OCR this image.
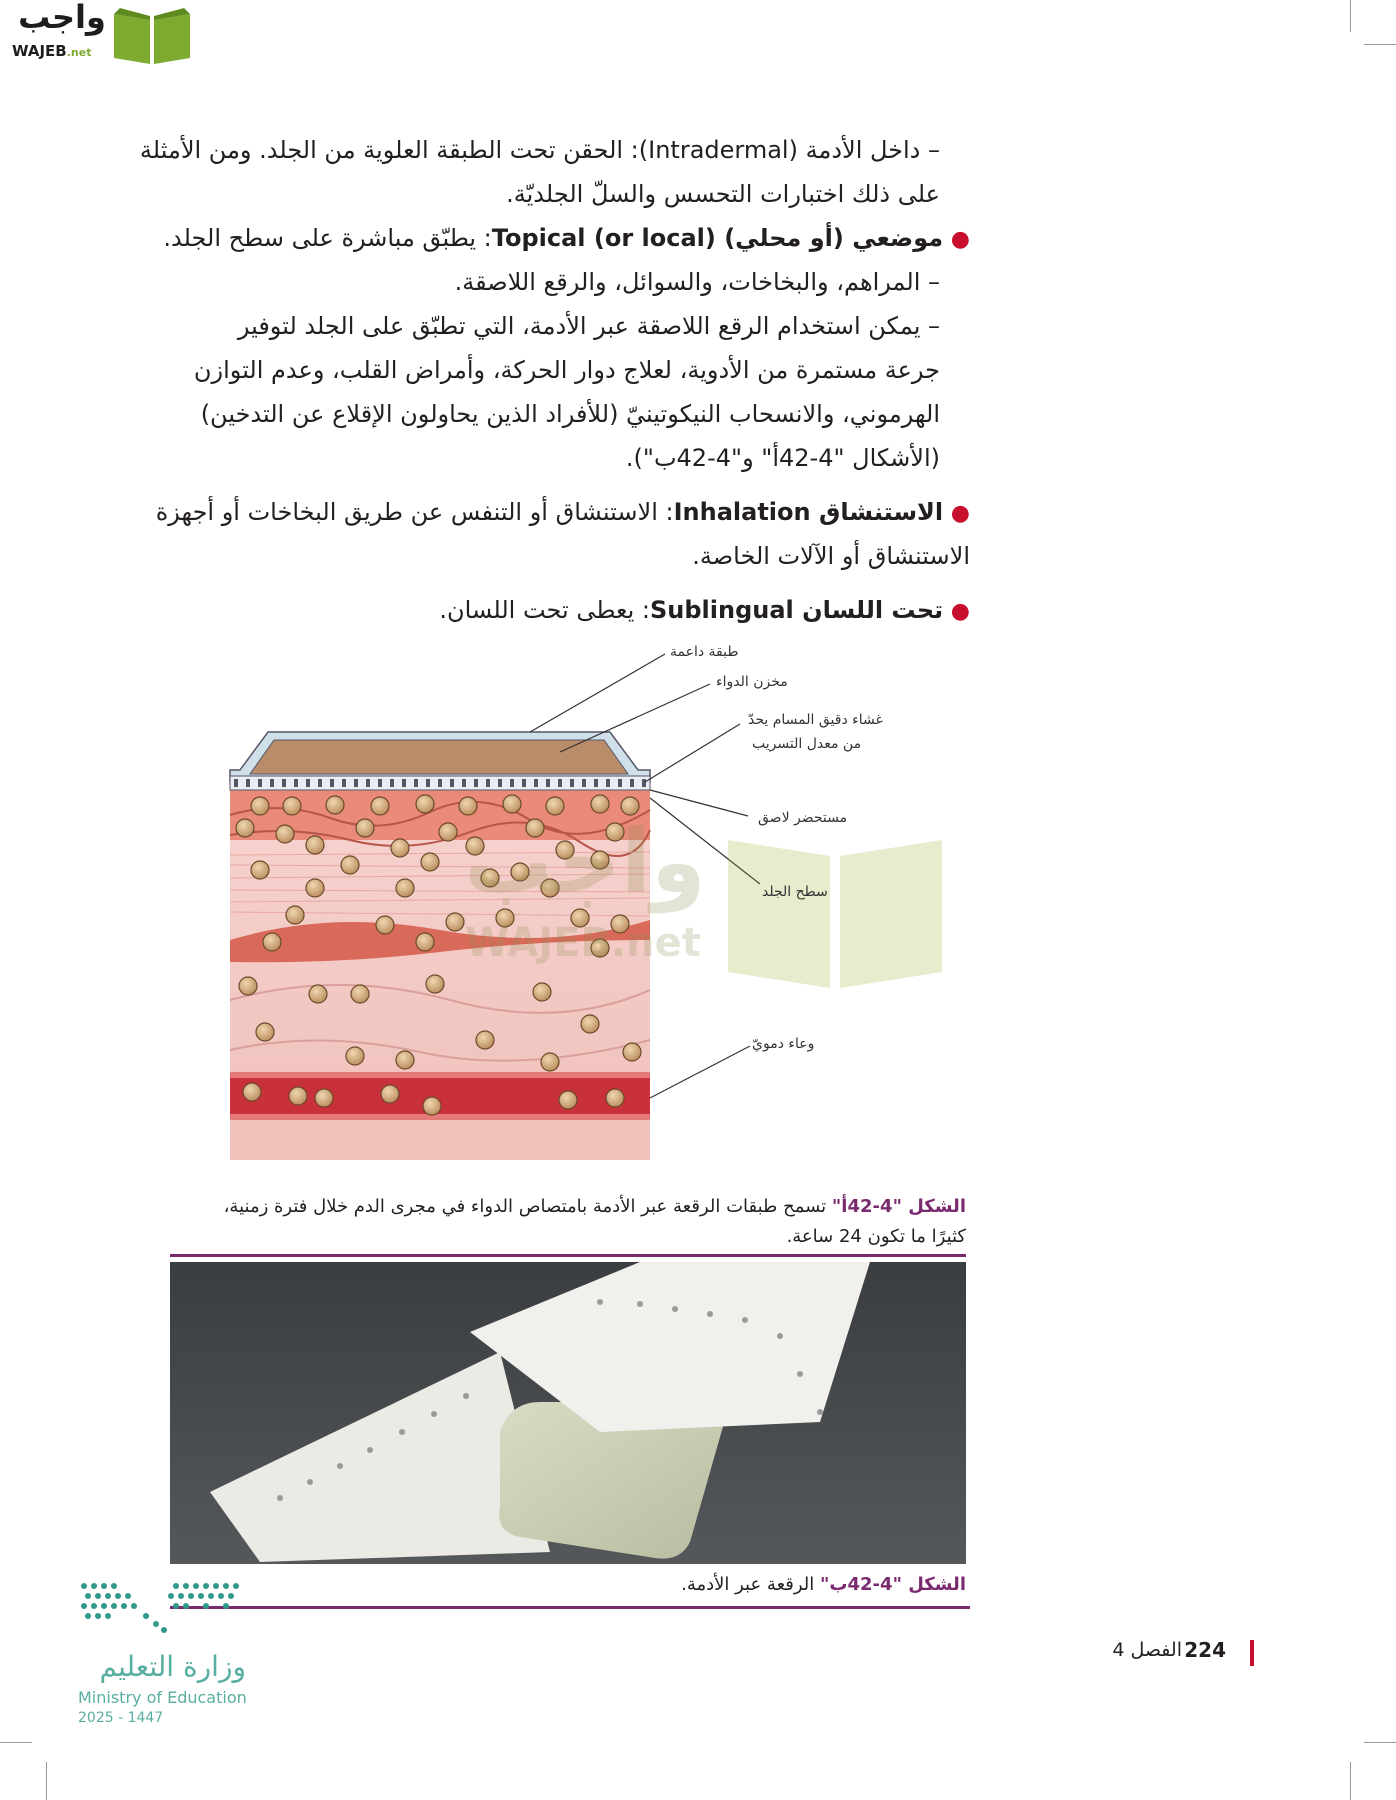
واجب
WAJEB.net
– داخل الأدمة (Intradermal): الحقن تحت الطبقة العلوية من الجلد. ومن الأمثلة
على ذلك اختبارات التحسس والسلّ الجلديّة.
● موضعي (أو محلي) (Topical (or local: يطبّق مباشرة على سطح الجلد.
– المراهم، والبخاخات، والسوائل، والرقع اللاصقة.
– يمكن استخدام الرقع اللاصقة عبر الأدمة، التي تطبّق على الجلد لتوفير
جرعة مستمرة من الأدوية، لعلاج دوار الحركة، وأمراض القلب، وعدم التوازن
الهرموني، والانسحاب النيكوتينيّ (للأفراد الذين يحاولون الإقلاع عن التدخين)
(الأشكال "4-42أ" و"4-42ب").
● الاستنشاق Inhalation: الاستنشاق أو التنفس عن طريق البخاخات أو أجهزة
الاستنشاق أو الآلات الخاصة.
● تحت اللسان Sublingual: يعطى تحت اللسان.
واجب
WAJEB.net
طبقة داعمة
مخزن الدواء
غشاء دقيق المسام يحدّ
من معدل التسريب
مستحضر لاصق
سطح الجلد
وعاء دمويّ
الشكل "4-42أ" تسمح طبقات الرقعة عبر الأدمة بامتصاص الدواء في مجرى الدم خلال فترة زمنية،
كثيرًا ما تكون 24 ساعة.
الشكل "4-42ب" الرقعة عبر الأدمة.
وزارة التعليم
Ministry of Education
2025 - 1447
224
الفصل 4
